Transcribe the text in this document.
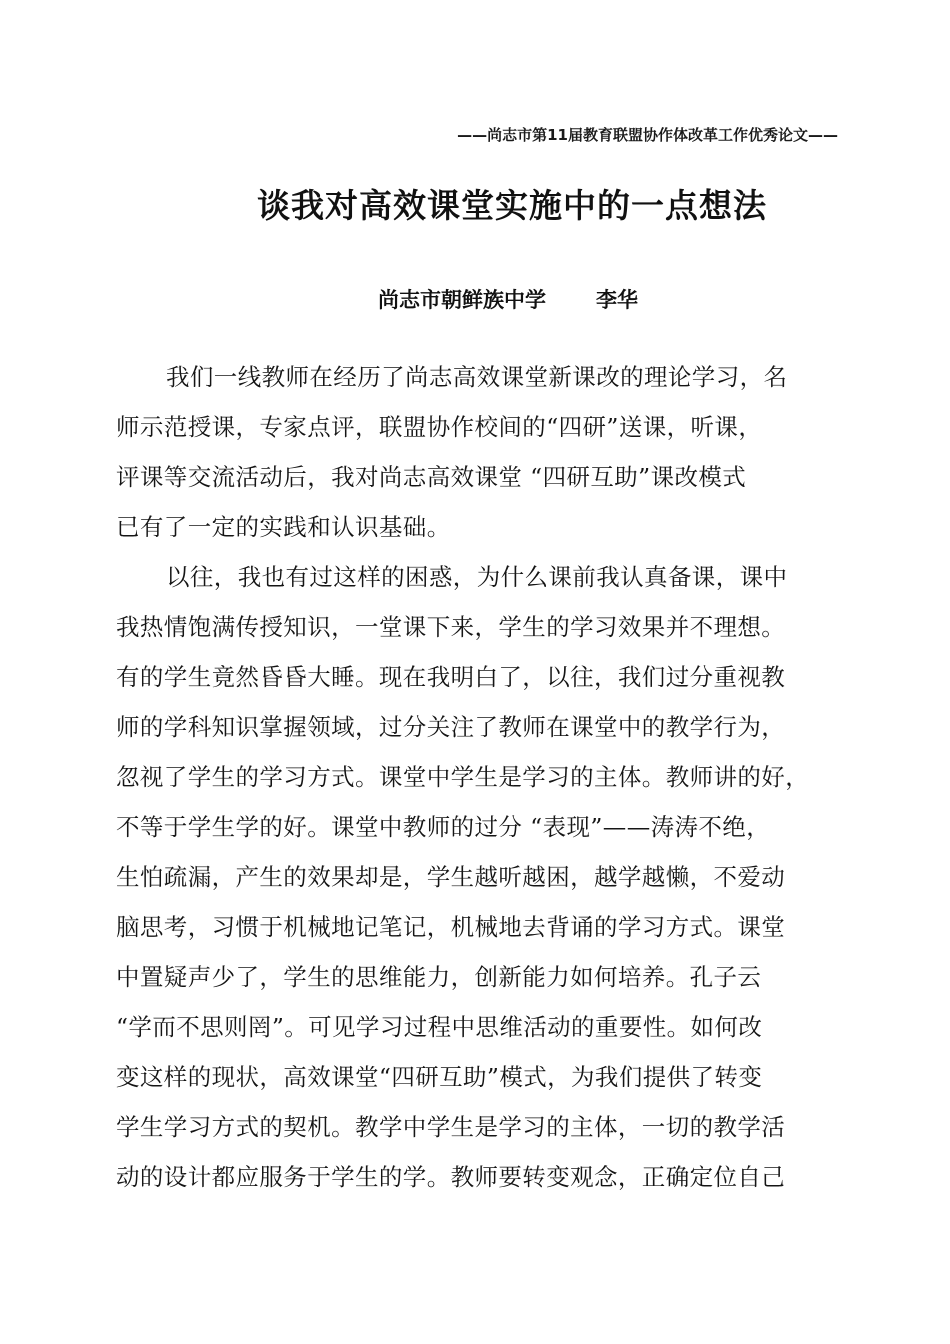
——尚志市第11届教育联盟协作体改革工作优秀论文——
谈我对高效课堂实施中的一点想法
尚志市朝鲜族中学 李华
我们一线教师在经历了尚志高效课堂新课改的理论学习，名
师示范授课，专家点评，联盟协作校间的“四研”送课，听课，
评课等交流活动后，我对尚志高效课堂 “四研互助”课改模式
已有了一定的实践和认识基础。
以往，我也有过这样的困惑，为什么课前我认真备课，课中
我热情饱满传授知识，一堂课下来，学生的学习效果并不理想。
有的学生竟然昏昏大睡。现在我明白了，以往，我们过分重视教
师的学科知识掌握领域，过分关注了教师在课堂中的教学行为，
忽视了学生的学习方式。课堂中学生是学习的主体。教师讲的好，
不等于学生学的好。课堂中教师的过分 “表现”——涛涛不绝，
生怕疏漏，产生的效果却是，学生越听越困，越学越懒，不爱动
脑思考，习惯于机械地记笔记，机械地去背诵的学习方式。课堂
中置疑声少了，学生的思维能力，创新能力如何培养。孔子云
“学而不思则罔”。可见学习过程中思维活动的重要性。如何改
变这样的现状，高效课堂“四研互助”模式，为我们提供了转变
学生学习方式的契机。教学中学生是学习的主体，一切的教学活
动的设计都应服务于学生的学。教师要转变观念，正确定位自己
